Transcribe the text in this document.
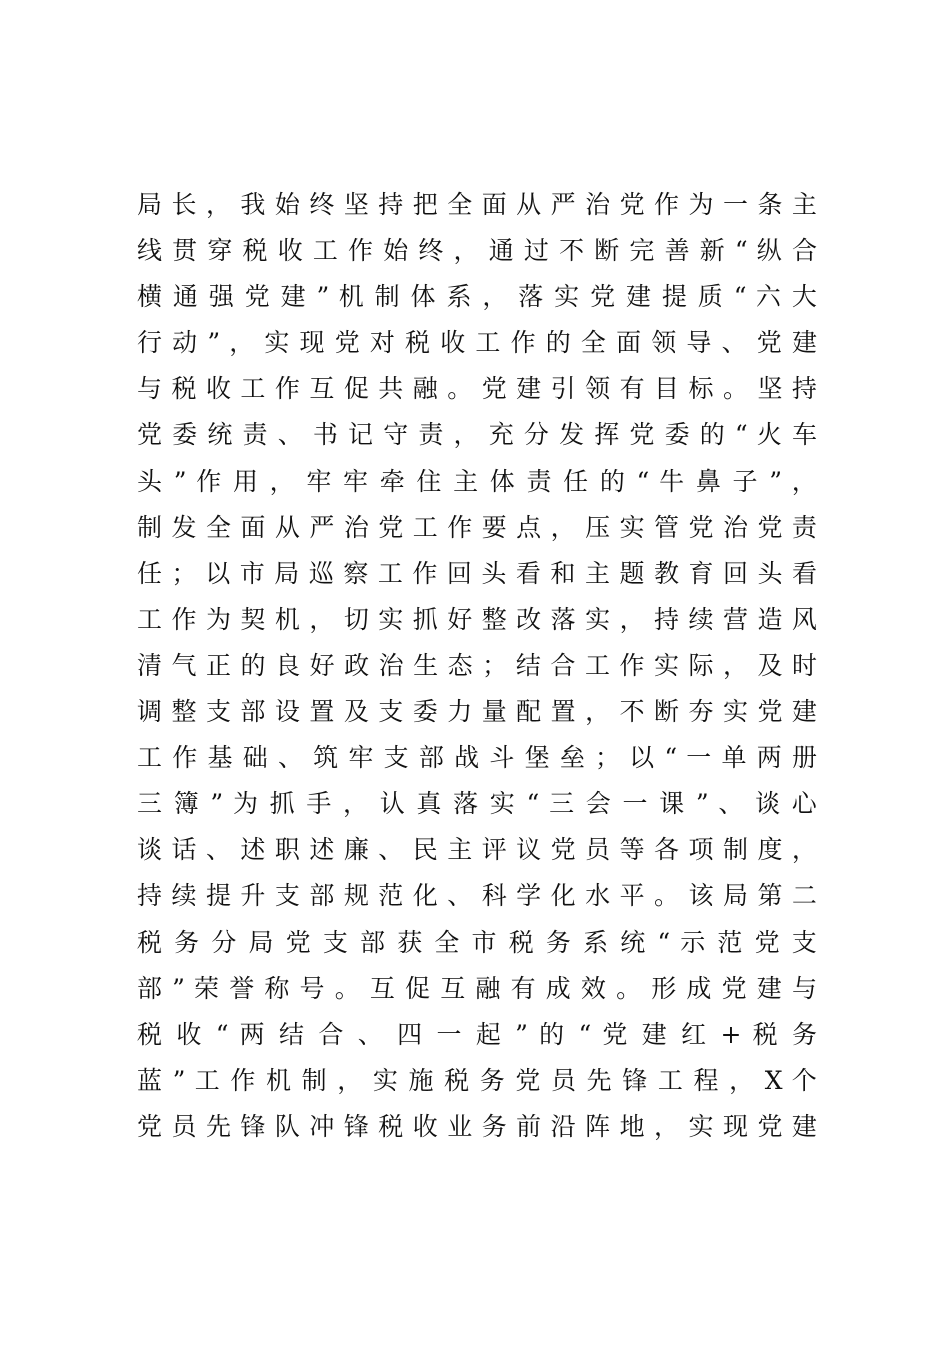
局 长 ， 我 始 终 坚 持 把 全 面 从 严 治 党 作 为 一 条 主
线 贯 穿 税 收 工 作 始 终 ， 通 过 不 断 完 善 新 “ 纵 合
横 通 强 党 建 ” 机 制 体 系 ， 落 实 党 建 提 质 “ 六 大
行 动 ” ， 实 现 党 对 税 收 工 作 的 全 面 领 导 、 党 建
与 税 收 工 作 互 促 共 融 。 党 建 引 领 有 目 标 。 坚 持
党 委 统 责 、 书 记 守 责 ， 充 分 发 挥 党 委 的 “ 火 车
头 ” 作 用 ， 牢 牢 牵 住 主 体 责 任 的 “ 牛 鼻 子 ” ，
制 发 全 面 从 严 治 党 工 作 要 点 ， 压 实 管 党 治 党 责
任 ； 以 市 局 巡 察 工 作 回 头 看 和 主 题 教 育 回 头 看
工 作 为 契 机 ， 切 实 抓 好 整 改 落 实 ， 持 续 营 造 风
清 气 正 的 良 好 政 治 生 态 ； 结 合 工 作 实 际 ， 及 时
调 整 支 部 设 置 及 支 委 力 量 配 置 ， 不 断 夯 实 党 建
工 作 基 础 、 筑 牢 支 部 战 斗 堡 垒 ； 以 “ 一 单 两 册
三 簿 ” 为 抓 手 ， 认 真 落 实 “ 三 会 一 课 ” 、 谈 心
谈 话 、 述 职 述 廉 、 民 主 评 议 党 员 等 各 项 制 度 ，
持 续 提 升 支 部 规 范 化 、 科 学 化 水 平 。 该 局 第 二
税 务 分 局 党 支 部 获 全 市 税 务 系 统 “ 示 范 党 支
部 ” 荣 誉 称 号 。 互 促 互 融 有 成 效 。 形 成 党 建 与
税 收 “ 两 结 合 、 四 一 起 ” 的 “ 党 建 红 + 税 务
蓝 ” 工 作 机 制 ， 实 施 税 务 党 员 先 锋 工 程 ， X 个
党 员 先 锋 队 冲 锋 税 收 业 务 前 沿 阵 地 ， 实 现 党 建
